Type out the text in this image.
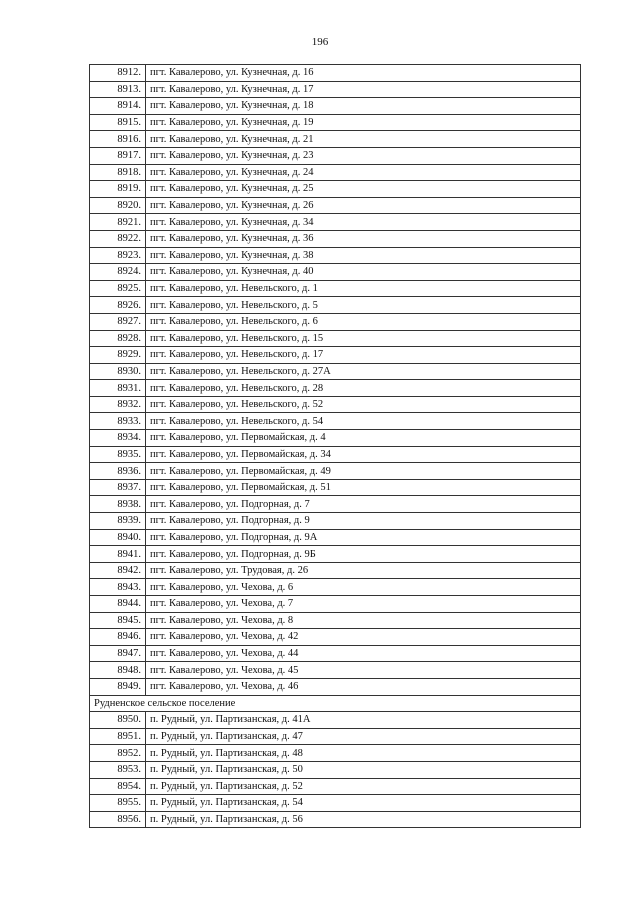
196
8912.	пгт. Кавалерово, ул. Кузнечная, д. 16
8913.	пгт. Кавалерово, ул. Кузнечная, д. 17
8914.	пгт. Кавалерово, ул. Кузнечная, д. 18
8915.	пгт. Кавалерово, ул. Кузнечная, д. 19
8916.	пгт. Кавалерово, ул. Кузнечная, д. 21
8917.	пгт. Кавалерово, ул. Кузнечная, д. 23
8918.	пгт. Кавалерово, ул. Кузнечная, д. 24
8919.	пгт. Кавалерово, ул. Кузнечная, д. 25
8920.	пгт. Кавалерово, ул. Кузнечная, д. 26
8921.	пгт. Кавалерово, ул. Кузнечная, д. 34
8922.	пгт. Кавалерово, ул. Кузнечная, д. 36
8923.	пгт. Кавалерово, ул. Кузнечная, д. 38
8924.	пгт. Кавалерово, ул. Кузнечная, д. 40
8925.	пгт. Кавалерово, ул. Невельского, д. 1
8926.	пгт. Кавалерово, ул. Невельского, д. 5
8927.	пгт. Кавалерово, ул. Невельского, д. 6
8928.	пгт. Кавалерово, ул. Невельского, д. 15
8929.	пгт. Кавалерово, ул. Невельского, д. 17
8930.	пгт. Кавалерово, ул. Невельского, д. 27А
8931.	пгт. Кавалерово, ул. Невельского, д. 28
8932.	пгт. Кавалерово, ул. Невельского, д. 52
8933.	пгт. Кавалерово, ул. Невельского, д. 54
8934.	пгт. Кавалерово, ул. Первомайская, д. 4
8935.	пгт. Кавалерово, ул. Первомайская, д. 34
8936.	пгт. Кавалерово, ул. Первомайская, д. 49
8937.	пгт. Кавалерово, ул. Первомайская, д. 51
8938.	пгт. Кавалерово, ул. Подгорная, д. 7
8939.	пгт. Кавалерово, ул. Подгорная, д. 9
8940.	пгт. Кавалерово, ул. Подгорная, д. 9А
8941.	пгт. Кавалерово, ул. Подгорная, д. 9Б
8942.	пгт. Кавалерово, ул. Трудовая, д. 26
8943.	пгт. Кавалерово, ул. Чехова, д. 6
8944.	пгт. Кавалерово, ул. Чехова, д. 7
8945.	пгт. Кавалерово, ул. Чехова, д. 8
8946.	пгт. Кавалерово, ул. Чехова, д. 42
8947.	пгт. Кавалерово, ул. Чехова, д. 44
8948.	пгт. Кавалерово, ул. Чехова, д. 45
8949.	пгт. Кавалерово, ул. Чехова, д. 46
Рудненское сельское поселение	
8950.	п. Рудный, ул. Партизанская, д. 41А
8951.	п. Рудный, ул. Партизанская, д. 47
8952.	п. Рудный, ул. Партизанская, д. 48
8953.	п. Рудный, ул. Партизанская, д. 50
8954.	п. Рудный, ул. Партизанская, д. 52
8955.	п. Рудный, ул. Партизанская, д. 54
8956.	п. Рудный, ул. Партизанская, д. 56
